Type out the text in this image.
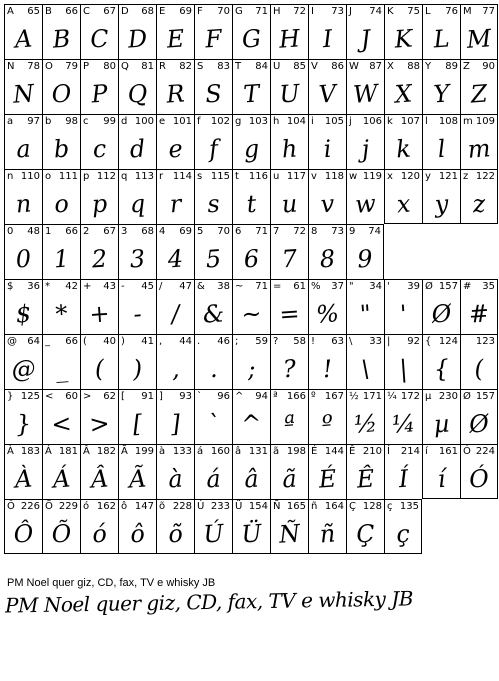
A 65
A
B 66
B
C 67
C
D 68
D
E 69
E
F 70
F
G 71
G
H 72
H
I 73
I
J 74
J
K 75
K
L 76
L
M 77
M
N 78
N
O 79
O
P 80
P
Q 81
Q
R 82
R
S 83
S
T 84
T
U 85
U
V 86
V
W 87
W
X 88
X
Y 89
Y
Z 90
Z
a 97
a
b 98
b
c 99
c
d 100
d
e 101
e
f 102
f
g 103
g
h 104
h
i 105
i
j 106
j
k 107
k
l 108
l
m 109
m
n 110
n
o 111
o
p 112
p
q 113
q
r 114
r
s 115
s
t 116
t
u 117
u
v 118
v
w 119
w
x 120
x
y 121
y
z 122
z
0 48
0
1 66
1
2 67
2
3 68
3
4 69
4
5 70
5
6 71
6
7 72
7
8 73
8
9 74
9
$ 36
$
* 42
*
+ 43
+
- 45
-
/ 47
/
& 38
&
~ 71
~
= 61
=
% 37
%
" 34
"
' 39
'
Ø 157
Ø
# 35
#
@ 64
@
_ 66
_
( 40
(
) 41
)
, 44
,
. 46
.
; 59
;
? 58
?
! 63
!
\ 33
\
| 92
|
{ 124
{
123
(
} 125
}
< 60
<
> 62
>
[ 91
[
] 93
]
` 96
`
^ 94
^
ª 166
ª
º 167
º
½ 171
½
¼ 172
¼
µ 230
µ
Ø 157
Ø
À 183
À
Á 181
Á
Â 182
Â
Ã 199
Ã
à 133
à
á 160
á
â 131
â
ã 198
ã
É 144
É
Ê 210
Ê
Í 214
Í
í 161
í
Ó 224
Ó
Ô 226
Ô
Õ 229
Õ
ó 162
ó
ô 147
ô
õ 228
õ
Ú 233
Ú
Ü 154
Ü
Ñ 165
Ñ
ñ 164
ñ
Ç 128
Ç
ç 135
ç
PM Noel quer giz, CD, fax, TV e whisky JB
PM Noel quer giz, CD, fax, TV e whisky JB
